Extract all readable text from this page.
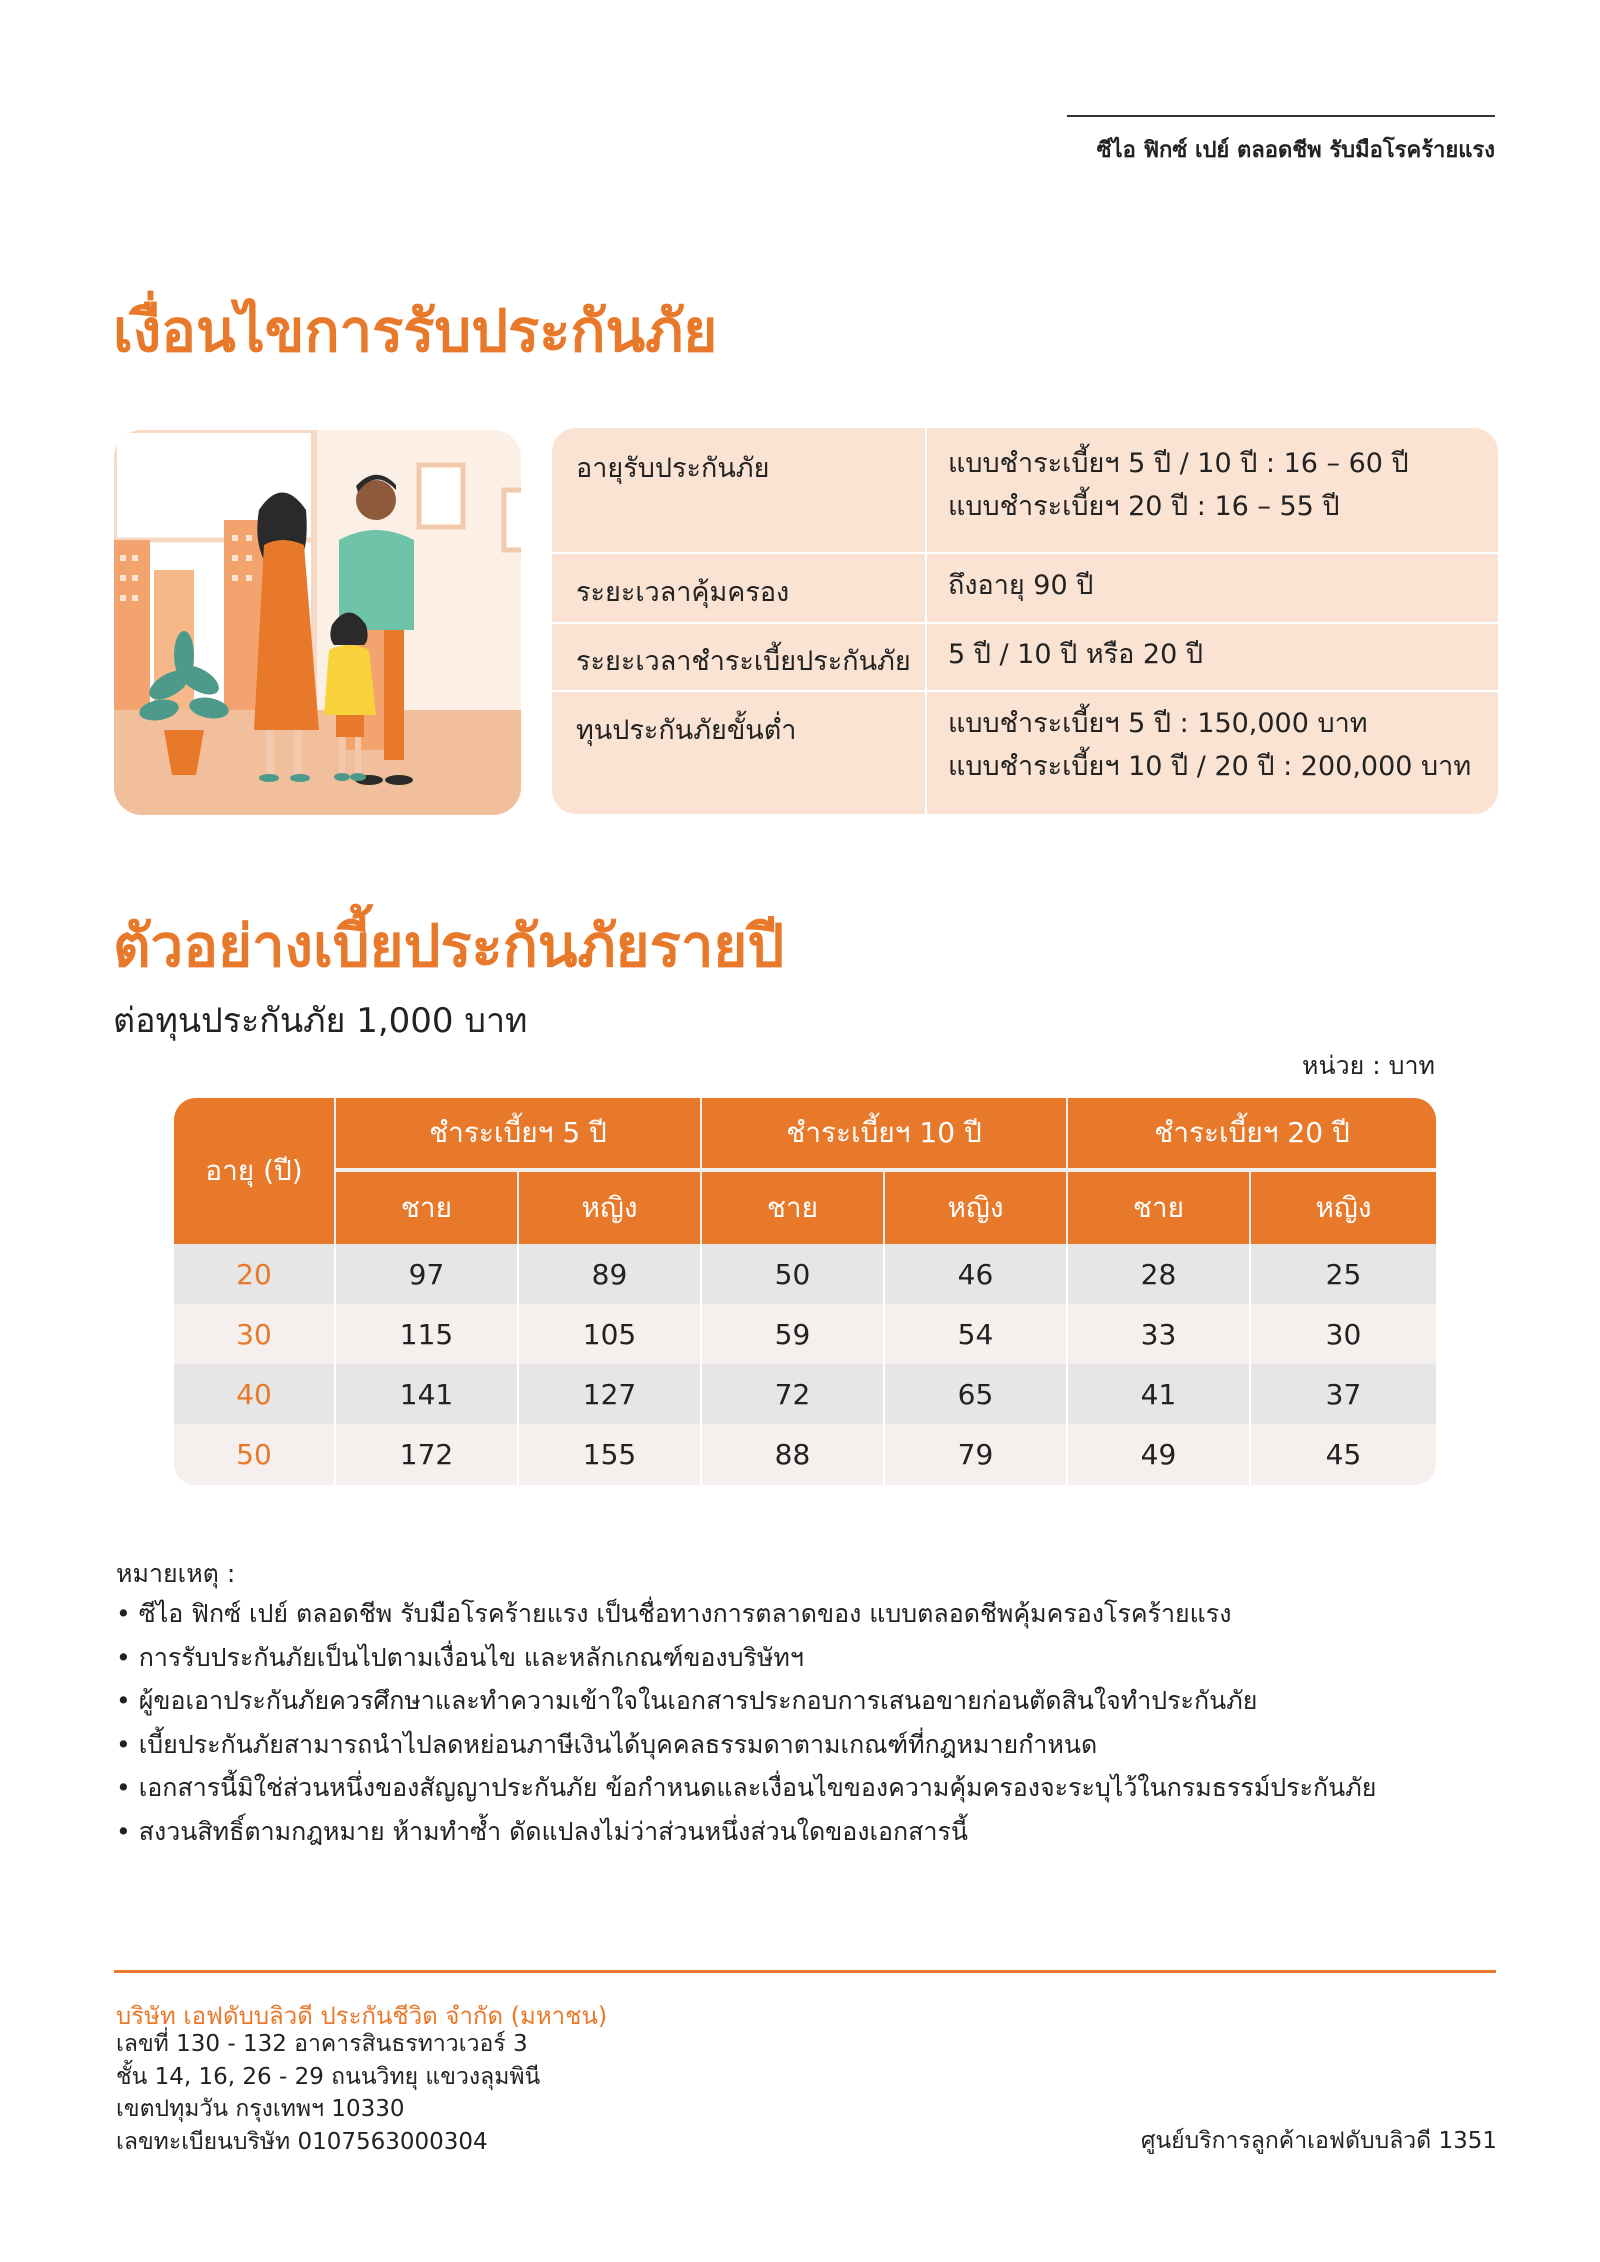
ซีไอ ฟิกซ์ เปย์ ตลอดชีพ รับมือโรคร้ายแรง
เงื่อนไขการรับประกันภัย
อายุรับประกันภัย	แบบชำระเบี้ยฯ 5 ปี / 10 ปี : 16 – 60 ปี
แบบชำระเบี้ยฯ 20 ปี : 16 – 55 ปี
ระยะเวลาคุ้มครอง	ถึงอายุ 90 ปี
ระยะเวลาชำระเบี้ยประกันภัย 5 ปี / 10 ปี หรือ 20 ปี
ทุนประกันภัยขั้นต่ำ	แบบชำระเบี้ยฯ 5 ปี : 150,000 บาท
แบบชำระเบี้ยฯ 10 ปี / 20 ปี : 200,000 บาท
ตัวอย่างเบี้ยประกันภัยรายปี
ต่อทุนประกันภัย 1,000 บาท
หน่วย : บาท
อายุ (ปี)
ชำระเบี้ยฯ 5 ปี	ชำระเบี้ยฯ 10 ปี	ชำระเบี้ยฯ 20 ปี
ชาย	หญิง	ชาย	หญิง	ชาย	หญิง
20	97	89	50	46	28	25
30	115	105	59	54	33	30
40	141	127	72	65	41	37
50	172	155	88	79	49	45
หมายเหตุ :
• ซีไอ ฟิกซ์ เปย์ ตลอดชีพ รับมือโรคร้ายแรง เป็นชื่อทางการตลาดของ แบบตลอดชีพคุ้มครองโรคร้ายแรง
• การรับประกันภัยเป็นไปตามเงื่อนไข และหลักเกณฑ์ของบริษัทฯ
• ผู้ขอเอาประกันภัยควรศึกษาและทำความเข้าใจในเอกสารประกอบการเสนอขายก่อนตัดสินใจทำประกันภัย
• เบี้ยประกันภัยสามารถนำไปลดหย่อนภาษีเงินได้บุคคลธรรมดาตามเกณฑ์ที่กฎหมายกำหนด
• เอกสารนี้มิใช่ส่วนหนึ่งของสัญญาประกันภัย ข้อกำหนดและเงื่อนไขของความคุ้มครองจะระบุไว้ในกรมธรรม์ประกันภัย
• สงวนสิทธิ์ตามกฎหมาย ห้ามทำซ้ำ ดัดแปลงไม่ว่าส่วนหนึ่งส่วนใดของเอกสารนี้
บริษัท เอฟดับบลิวดี ประกันชีวิต จำกัด (มหาชน)
เลขที่ 130 - 132 อาคารสินธรทาวเวอร์ 3
ชั้น 14, 16, 26 - 29 ถนนวิทยุ แขวงลุมพินี
เขตปทุมวัน กรุงเทพฯ 10330
เลขทะเบียนบริษัท 0107563000304	ศูนย์บริการลูกค้าเอฟดับบลิวดี 1351
